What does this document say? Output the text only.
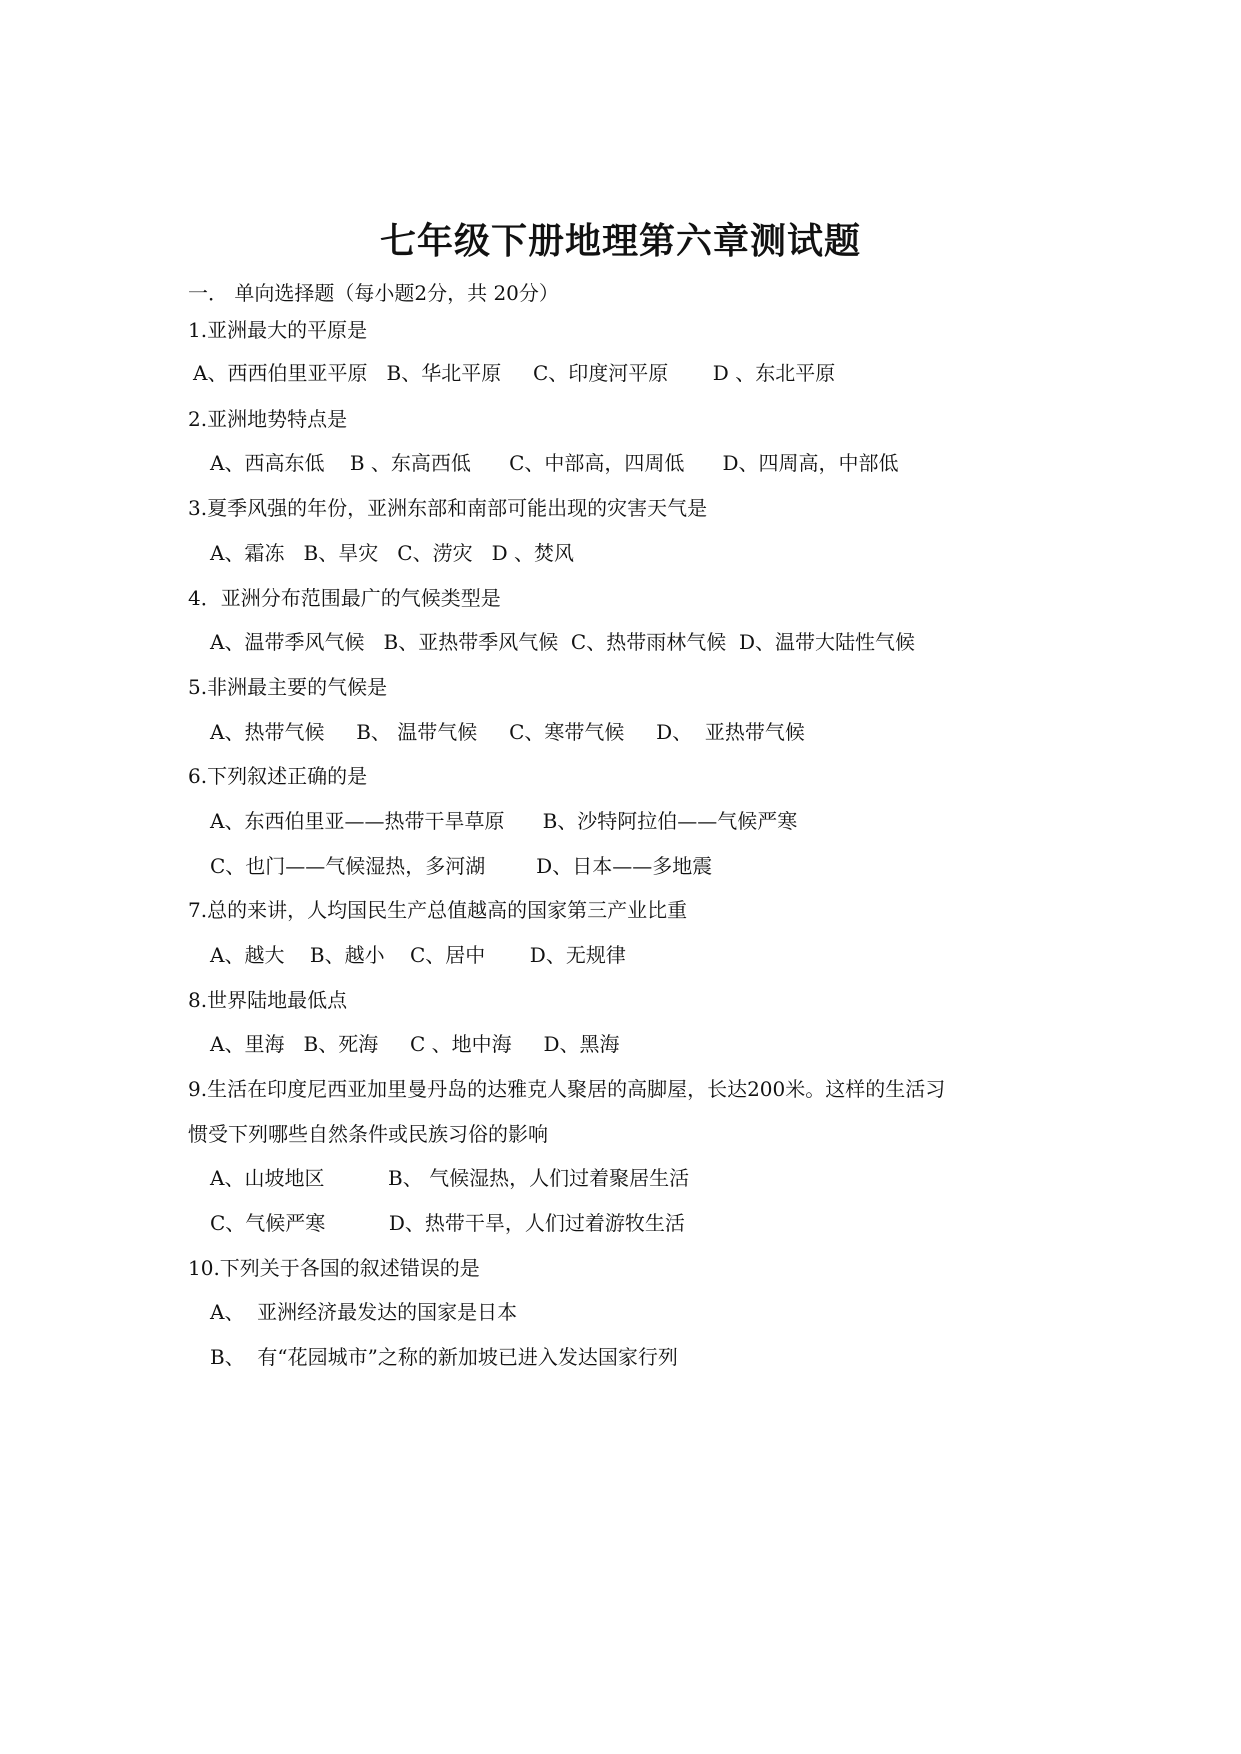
七年级下册地理第六章测试题
一． 单向选择题（每小题2分，共 20分）
1.亚洲最大的平原是
A、西西伯里亚平原   B、华北平原     C、印度河平原       D 、东北平原
2.亚洲地势特点是
A、西高东低    B 、东高西低      C、中部高，四周低      D、四周高，中部低
3.夏季风强的年份，亚洲东部和南部可能出现的灾害天气是
A、霜冻   B、旱灾   C、涝灾   D 、焚风
4．亚洲分布范围最广的气候类型是
A、温带季风气候   B、亚热带季风气候  C、热带雨林气候  D、温带大陆性气候
5.非洲最主要的气候是
A、热带气候     B、 温带气候     C、寒带气候     D、  亚热带气候
6.下列叙述正确的是
A、东西伯里亚——热带干旱草原      B、沙特阿拉伯——气候严寒
C、也门——气候湿热，多河湖        D、日本——多地震
7.总的来讲，人均国民生产总值越高的国家第三产业比重
A、越大    B、越小    C、居中       D、无规律
8.世界陆地最低点
A、里海   B、死海     C 、地中海     D、黑海
9.生活在印度尼西亚加里曼丹岛的达雅克人聚居的高脚屋，长达200米。这样的生活习
惯受下列哪些自然条件或民族习俗的影响
A、山坡地区          B、 气候湿热，人们过着聚居生活
C、气候严寒          D、热带干旱，人们过着游牧生活
10.下列关于各国的叙述错误的是
A、  亚洲经济最发达的国家是日本
B、  有“花园城市”之称的新加坡已进入发达国家行列
